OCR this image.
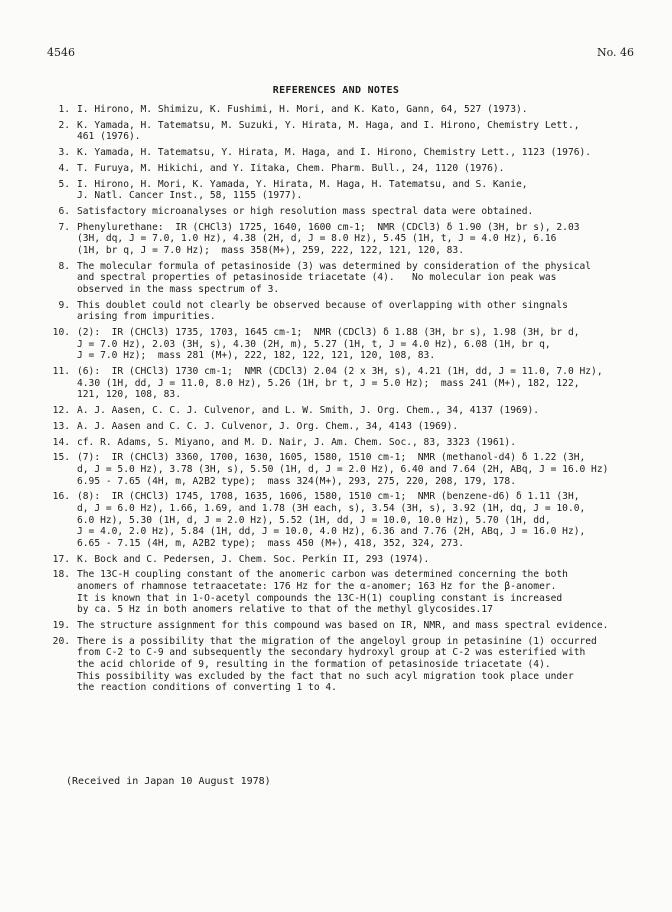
4546	No. 46
REFERENCES AND NOTES
1. I. Hirono, M. Shimizu, K. Fushimi, H. Mori, and K. Kato, Gann, 64, 527 (1973).
2. K. Yamada, H. Tatematsu, M. Suzuki, Y. Hirata, M. Haga, and I. Hirono, Chemistry Lett.,
461 (1976).
3. K. Yamada, H. Tatematsu, Y. Hirata, M. Haga, and I. Hirono, Chemistry Lett., 1123 (1976).
4. T. Furuya, M. Hikichi, and Y. Iitaka, Chem. Pharm. Bull., 24, 1120 (1976).
5. I. Hirono, H. Mori, K. Yamada, Y. Hirata, M. Haga, H. Tatematsu, and S. Kanie,
J. Natl. Cancer Inst., 58, 1155 (1977).
6. Satisfactory microanalyses or high resolution mass spectral data were obtained.
7. Phenylurethane:  IR (CHCl3) 1725, 1640, 1600 cm-1;  NMR (CDCl3) δ 1.90 (3H, br s), 2.03
(3H, dq, J = 7.0, 1.0 Hz), 4.38 (2H, d, J = 8.0 Hz), 5.45 (1H, t, J = 4.0 Hz), 6.16
(1H, br q, J = 7.0 Hz);  mass 358(M+), 259, 222, 122, 121, 120, 83.
8. The molecular formula of petasinoside (3) was determined by consideration of the physical
and spectral properties of petasinoside triacetate (4).   No molecular ion peak was
observed in the mass spectrum of 3.
9. This doublet could not clearly be observed because of overlapping with other singnals
arising from impurities.
10. (2):  IR (CHCl3) 1735, 1703, 1645 cm-1;  NMR (CDCl3) δ 1.88 (3H, br s), 1.98 (3H, br d,
J = 7.0 Hz), 2.03 (3H, s), 4.30 (2H, m), 5.27 (1H, t, J = 4.0 Hz), 6.08 (1H, br q,
J = 7.0 Hz);  mass 281 (M+), 222, 182, 122, 121, 120, 108, 83.
11. (6):  IR (CHCl3) 1730 cm-1;  NMR (CDCl3) 2.04 (2 x 3H, s), 4.21 (1H, dd, J = 11.0, 7.0 Hz),
4.30 (1H, dd, J = 11.0, 8.0 Hz), 5.26 (1H, br t, J = 5.0 Hz);  mass 241 (M+), 182, 122,
121, 120, 108, 83.
12. A. J. Aasen, C. C. J. Culvenor, and L. W. Smith, J. Org. Chem., 34, 4137 (1969).
13. A. J. Aasen and C. C. J. Culvenor, J. Org. Chem., 34, 4143 (1969).
14. cf. R. Adams, S. Miyano, and M. D. Nair, J. Am. Chem. Soc., 83, 3323 (1961).
15. (7):  IR (CHCl3) 3360, 1700, 1630, 1605, 1580, 1510 cm-1;  NMR (methanol-d4) δ 1.22 (3H,
d, J = 5.0 Hz), 3.78 (3H, s), 5.50 (1H, d, J = 2.0 Hz), 6.40 and 7.64 (2H, ABq, J = 16.0 Hz)
6.95 - 7.65 (4H, m, A2B2 type);  mass 324(M+), 293, 275, 220, 208, 179, 178.
16. (8):  IR (CHCl3) 1745, 1708, 1635, 1606, 1580, 1510 cm-1;  NMR (benzene-d6) δ 1.11 (3H,
d, J = 6.0 Hz), 1.66, 1.69, and 1.78 (3H each, s), 3.54 (3H, s), 3.92 (1H, dq, J = 10.0,
6.0 Hz), 5.30 (1H, d, J = 2.0 Hz), 5.52 (1H, dd, J = 10.0, 10.0 Hz), 5.70 (1H, dd,
J = 4.0, 2.0 Hz), 5.84 (1H, dd, J = 10.0, 4.0 Hz), 6.36 and 7.76 (2H, ABq, J = 16.0 Hz),
6.65 - 7.15 (4H, m, A2B2 type);  mass 450 (M+), 418, 352, 324, 273.
17. K. Bock and C. Pedersen, J. Chem. Soc. Perkin II, 293 (1974).
18. The 13C-H coupling constant of the anomeric carbon was determined concerning the both
anomers of rhamnose tetraacetate: 176 Hz for the α-anomer; 163 Hz for the β-anomer.
It is known that in 1-O-acetyl compounds the 13C-H(1) coupling constant is increased
by ca. 5 Hz in both anomers relative to that of the methyl glycosides.17
19. The structure assignment for this compound was based on IR, NMR, and mass spectral evidence.
20. There is a possibility that the migration of the angeloyl group in petasinine (1) occurred
from C-2 to C-9 and subsequently the secondary hydroxyl group at C-2 was esterified with
the acid chloride of 9, resulting in the formation of petasinoside triacetate (4).
This possibility was excluded by the fact that no such acyl migration took place under
the reaction conditions of converting 1 to 4.
(Received in Japan 10 August 1978)
